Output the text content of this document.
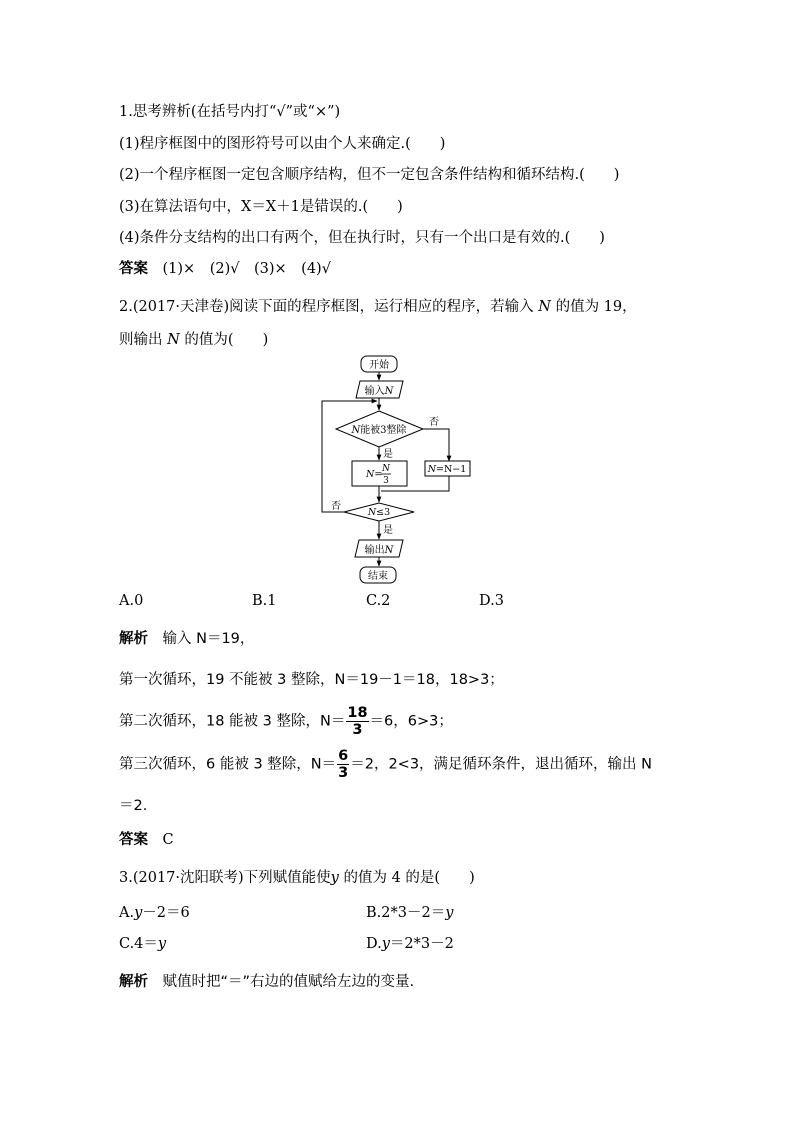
1.思考辨析(在括号内打“√”或“×”)
(1)程序框图中的图形符号可以由个人来确定.(　　)
(2)一个程序框图一定包含顺序结构，但不一定包含条件结构和循环结构.(　　)
(3)在算法语句中，X＝X＋1是错误的.(　　)
(4)条件分支结构的出口有两个，但在执行时，只有一个出口是有效的.(　　)
答案　 (1)×　(2)√　(3)×　(4)√
2.(2017·天津卷)阅读下面的程序框图，运行相应的程序，若输入 N 的值为 19，
则输出 N 的值为(　　)
开始
输入N
N能被3整除
否
是
N= N
3
N=N−1
N≤3
否
是
输出N
结束
A.0	B.1	C.2	D.3
解析　 输入 N＝19，
第一次循环，19 不能被 3 整除，N＝19－1＝18，18>3；
第二次循环，18 能被 3 整除，$N= \frac{18}{3} =6$，6>3；
第三次循环，6 能被 3 整除，$N= \frac{6}{3} =2$，2<3，满足循环条件，退出循环，输出 N
＝2.
答案　 C
3.(2017·沈阳联考)下列赋值能使y 的值为 4 的是(　　)
A.y－2＝6	B.2*3－2＝y
C.4＝y	D.y＝2*3－2
解析　 赋值时把“＝”右边的值赋给左边的变量.
